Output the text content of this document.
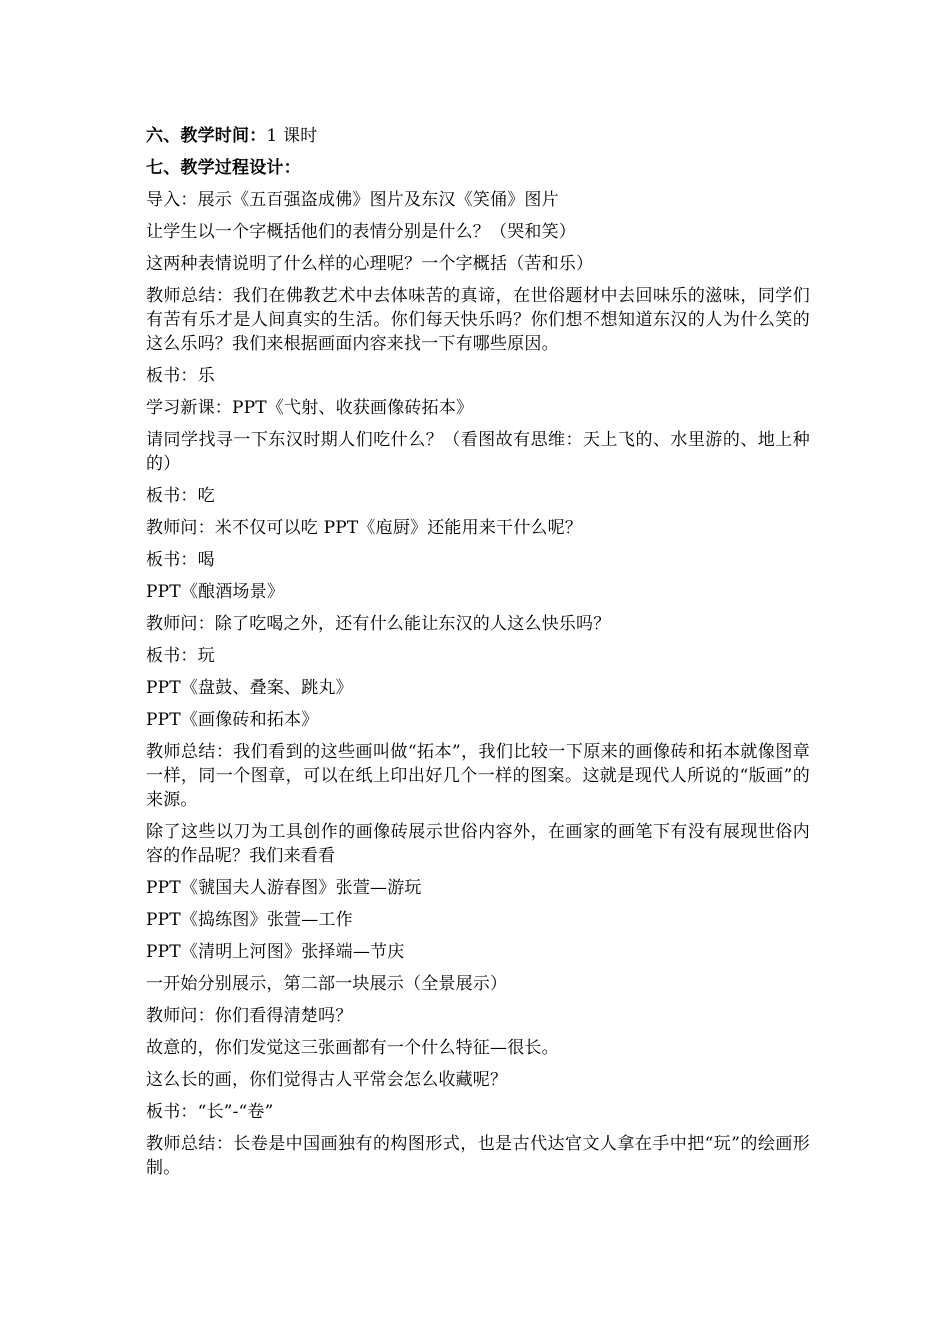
六、教学时间：1 课时

七、教学过程设计：

导入：展示《五百强盗成佛》图片及东汉《笑俑》图片

让学生以一个字概括他们的表情分别是什么？（哭和笑）

这两种表情说明了什么样的心理呢？一个字概括（苦和乐）

教师总结：我们在佛教艺术中去体味苦的真谛，在世俗题材中去回味乐的滋味，同学们有苦有乐才是人间真实的生活。你们每天快乐吗？你们想不想知道东汉的人为什么笑的这么乐吗？我们来根据画面内容来找一下有哪些原因。

板书：乐

学习新课：PPT《弋射、收获画像砖拓本》

请同学找寻一下东汉时期人们吃什么？（看图故有思维：天上飞的、水里游的、地上种的）

板书：吃

教师问：米不仅可以吃 PPT《庖厨》还能用来干什么呢？

板书：喝

PPT《酿酒场景》

教师问：除了吃喝之外，还有什么能让东汉的人这么快乐吗？

板书：玩

PPT《盘鼓、叠案、跳丸》

PPT《画像砖和拓本》

教师总结：我们看到的这些画叫做“拓本”，我们比较一下原来的画像砖和拓本就像图章一样，同一个图章，可以在纸上印出好几个一样的图案。这就是现代人所说的“版画”的来源。

除了这些以刀为工具创作的画像砖展示世俗内容外，在画家的画笔下有没有展现世俗内容的作品呢？我们来看看

PPT《虢国夫人游春图》张萱—游玩

PPT《捣练图》张萱—工作

PPT《清明上河图》张择端—节庆

一开始分别展示，第二部一块展示（全景展示）

教师问：你们看得清楚吗？

故意的，你们发觉这三张画都有一个什么特征—很长。

这么长的画，你们觉得古人平常会怎么收藏呢？

板书：“长”-“卷”

教师总结：长卷是中国画独有的构图形式，也是古代达官文人拿在手中把“玩”的绘画形制。
